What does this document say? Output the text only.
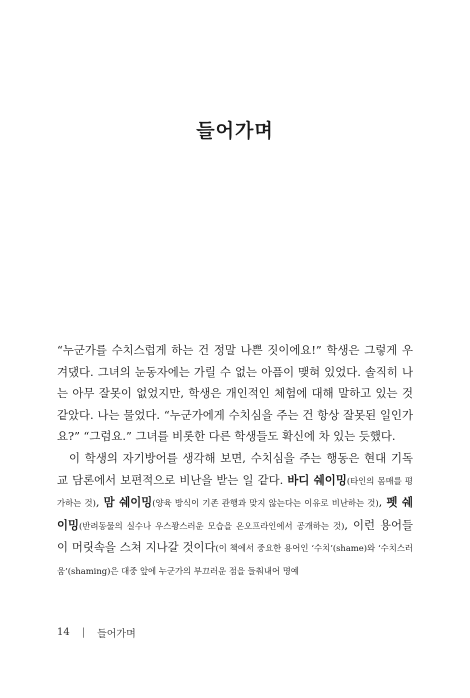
들어가며

“누군가를 수치스럽게 하는 건 정말 나쁜 짓이에요!” 학생은 그렇게 우겨댔다. 그녀의 눈동자에는 가릴 수 없는 아픔이 맺혀 있었다. 솔직히 나는 아무 잘못이 없었지만, 학생은 개인적인 체험에 대해 말하고 있는 것 같았다. 나는 물었다. “누군가에게 수치심을 주는 건 항상 잘못된 일인가요?” “그럼요.” 그녀를 비롯한 다른 학생들도 확신에 차 있는 듯했다.

이 학생의 자기방어를 생각해 보면, 수치심을 주는 행동은 현대 기독교 담론에서 보편적으로 비난을 받는 일 같다. 바디 쉐이밍(타인의 몸매를 평가하는 것), 맘 쉐이밍(양육 방식이 기존 관행과 맞지 않는다는 이유로 비난하는 것), 펫 쉐이밍(반려동물의 실수나 우스꽝스러운 모습을 온오프라인에서 공개하는 것), 이런 용어들이 머릿속을 스쳐 지나갈 것이다(이 책에서 중요한 용어인 ‘수치’(shame)와 ‘수치스러움’(shaming)은 대중 앞에 누군가의 부끄러운 점을 들춰내어 명예

14 | 들어가며
